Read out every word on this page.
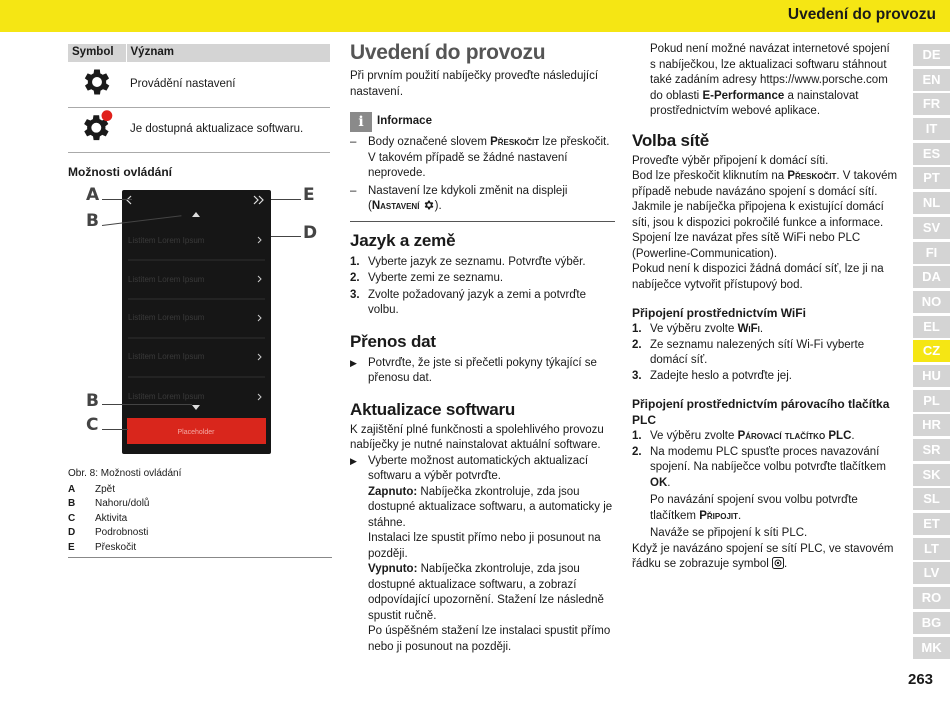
Uvedení do provozu
Symbol	Význam
	Provádění nastavení
	Je dostupná aktualizace softwaru.
Možnosti ovládání
Listitem Lorem Ipsum
Listitem Lorem Ipsum
Listitem Lorem Ipsum
Listitem Lorem Ipsum
Listitem Lorem Ipsum
Placeholder
A
B
E
D
B
C
Obr. 8: Možnosti ovládání
A	Zpět
B	Nahoru/dolů
C	Aktivita
D	Podrobnosti
E	Přeskočit
Uvedení do provozu

Při prvním použití nabíječky proveďte následující nastavení.

i	Informace
–	Body označené slovem Přeskočit lze přeskočit. V takovém případě se žádné nastavení neprovede.
–	Nastavení lze kdykoli změnit na displeji (Nastavení ).
Jazyk a země
1. Vyberte jazyk ze seznamu. Potvrďte výběr.
2. Vyberte zemi ze seznamu.
3. Zvolte požadovaný jazyk a zemi a potvrďte volbu.
Přenos dat
▶ Potvrďte, že jste si přečetli pokyny týkající se přenosu dat.
Aktualizace softwaru

K zajištění plné funkčnosti a spolehlivého provozu nabíječky je nutné nainstalovat aktuální software.

▶ Vyberte možnost automatických aktualizací softwaru a výběr potvrďte.
Zapnuto: Nabíječka zkontroluje, zda jsou dostupné aktualizace softwaru, a automaticky je stáhne.
Instalaci lze spustit přímo nebo ji posunout na později.
Vypnuto: Nabíječka zkontroluje, zda jsou dostupné aktualizace softwaru, a zobrazí odpovídající upozornění. Stažení lze následně spustit ručně.
Po úspěšném stažení lze instalaci spustit přímo nebo ji posunout na později.
Pokud není možné navázat internetové spojení s nabíječkou, lze aktualizaci softwaru stáhnout také zadáním adresy https://www.porsche.com do oblasti E-Performance a nainstalovat prostřednictvím webové aplikace.
Volba sítě

Proveďte výběr připojení k domácí síti.

Bod lze přeskočit kliknutím na Přeskočit. V takovém případě nebude navázáno spojení s domácí sítí.

Jakmile je nabíječka připojena k existující domácí síti, jsou k dispozici pokročilé funkce a informace. Spojení lze navázat přes sítě WiFi nebo PLC (Powerline-Communication).

Pokud není k dispozici žádná domácí síť, lze ji na nabíječce vytvořit přístupový bod.

Připojení prostřednictvím WiFi
1. Ve výběru zvolte WiFi.
2. Ze seznamu nalezených sítí Wi-Fi vyberte domácí síť.
3. Zadejte heslo a potvrďte jej.
Připojení prostřednictvím párovacího tlačítka PLC
1. Ve výběru zvolte Párovací tlačítko PLC.
2. Na modemu PLC spusťte proces navazování spojení. Na nabíječce volbu potvrďte tlačítkem OK.
Po navázání spojení svou volbu potvrďte tlačítkem Připojit.
Navážе se připojení k síti PLC.

Když je navázáno spojení se sítí PLC, ve stavovém řádku se zobrazuje symbol .

DE
EN
FR
IT
ES
PT
NL
SV
FI
DA
NO
EL
CZ
HU
PL
HR
SR
SK
SL
ET
LT
LV
RO
BG
MK
263
